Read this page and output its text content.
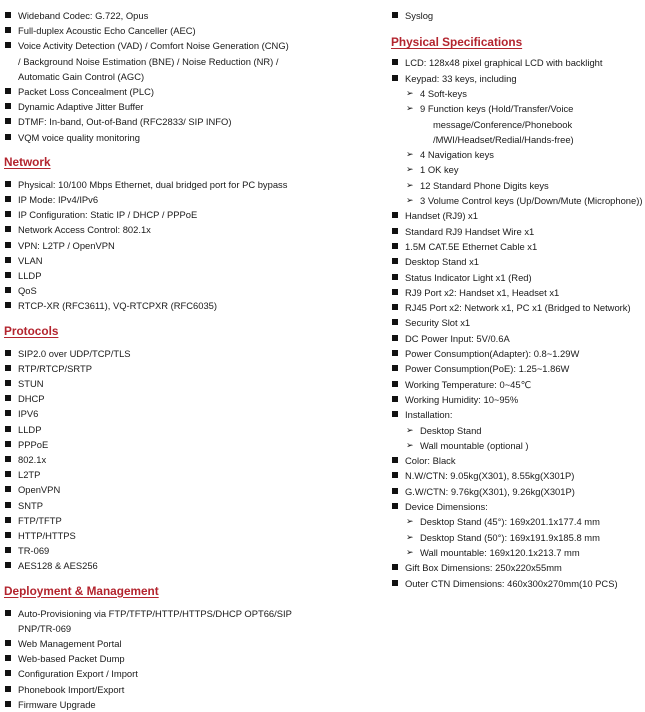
Wideband Codec: G.722, Opus
Full-duplex Acoustic Echo Canceller (AEC)
Voice Activity Detection (VAD) / Comfort Noise Generation (CNG)
/ Background Noise Estimation (BNE) / Noise Reduction (NR) /
Automatic Gain Control (AGC)
Packet Loss Concealment (PLC)
Dynamic Adaptive Jitter Buffer
DTMF: In-band, Out-of-Band (RFC2833/ SIP INFO)
VQM voice quality monitoring
Network
Physical: 10/100 Mbps Ethernet, dual bridged port for PC bypass
IP Mode: IPv4/IPv6
IP Configuration: Static IP / DHCP / PPPoE
Network Access Control: 802.1x
VPN: L2TP / OpenVPN
VLAN
LLDP
QoS
RTCP-XR (RFC3611), VQ-RTCPXR (RFC6035)
Protocols
SIP2.0 over UDP/TCP/TLS
RTP/RTCP/SRTP
STUN
DHCP
IPV6
LLDP
PPPoE
802.1x
L2TP
OpenVPN
SNTP
FTP/TFTP
HTTP/HTTPS
TR-069
AES128 & AES256
Deployment & Management
Auto-Provisioning via FTP/TFTP/HTTP/HTTPS/DHCP OPT66/SIP
PNP/TR-069
Web Management Portal
Web-based Packet Dump
Configuration Export / Import
Phonebook Import/Export
Firmware Upgrade
Syslog
Physical Specifications
LCD: 128x48 pixel graphical LCD with backlight
Keypad: 33 keys, including
➢ 4 Soft-keys
➢ 9 Function keys (Hold/Transfer/Voice
message/Conference/Phonebook
/MWI/Headset/Redial/Hands-free)
➢ 4 Navigation keys
➢ 1 OK key
➢ 12 Standard Phone Digits keys
➢ 3 Volume Control keys (Up/Down/Mute (Microphone))
Handset (RJ9) x1
Standard RJ9 Handset Wire x1
1.5M CAT.5E Ethernet Cable x1
Desktop Stand x1
Status Indicator Light x1 (Red)
RJ9 Port x2: Handset x1, Headset x1
RJ45 Port x2: Network x1, PC x1 (Bridged to Network)
Security Slot x1
DC Power Input: 5V/0.6A
Power Consumption(Adapter): 0.8~1.29W
Power Consumption(PoE): 1.25~1.86W
Working Temperature: 0~45℃
Working Humidity: 10~95%
Installation:
➢ Desktop Stand
➢ Wall mountable (optional )
Color: Black
N.W/CTN: 9.05kg(X301), 8.55kg(X301P)
G.W/CTN: 9.76kg(X301), 9.26kg(X301P)
Device Dimensions:
➢ Desktop Stand (45°): 169x201.1x177.4 mm
➢ Desktop Stand (50°): 169x191.9x185.8 mm
➢ Wall mountable: 169x120.1x213.7 mm
Gift Box Dimensions: 250x220x55mm
Outer CTN Dimensions: 460x300x270mm(10 PCS)
